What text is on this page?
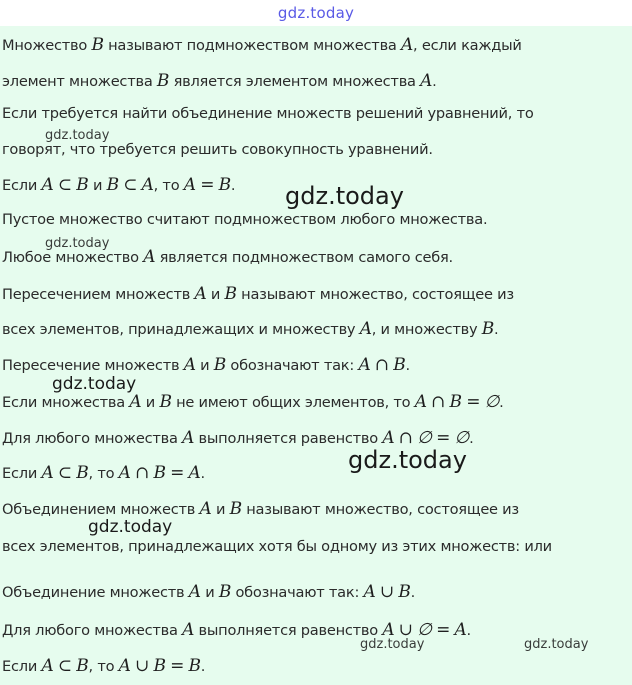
gdz.today
Множество B называют подмножеством множества A, если каждый
элемент множества B является элементом множества A.
Если требуется найти объединение множеств решений уравнений, то
говорят, что требуется решить совокупность уравнений.
Если A ⊂ B и B ⊂ A, то A = B.
Пустое множество считают подмножеством любого множества.
Любое множество A является подмножеством самого себя.
Пересечением множеств A и B называют множество, состоящее из
всех элементов, принадлежащих и множеству A, и множеству B.
Пересечение множеств A и B обозначают так: A ∩ B.
Если множества A и B не имеют общих элементов, то A ∩ B = ∅.
Для любого множества A выполняется равенство A ∩ ∅ = ∅.
Если A ⊂ B, то A ∩ B = A.
Объединением множеств A и B называют множество, состоящее из
всех элементов, принадлежащих хотя бы одному из этих множеств: или
Объединение множеств A и B обозначают так: A ∪ B.
Для любого множества A выполняется равенство A ∪ ∅ = A.
Если A ⊂ B, то A ∪ B = B.
gdz.today
gdz.today
gdz.today
gdz.today
gdz.today
gdz.today
gdz.today	gdz.today
